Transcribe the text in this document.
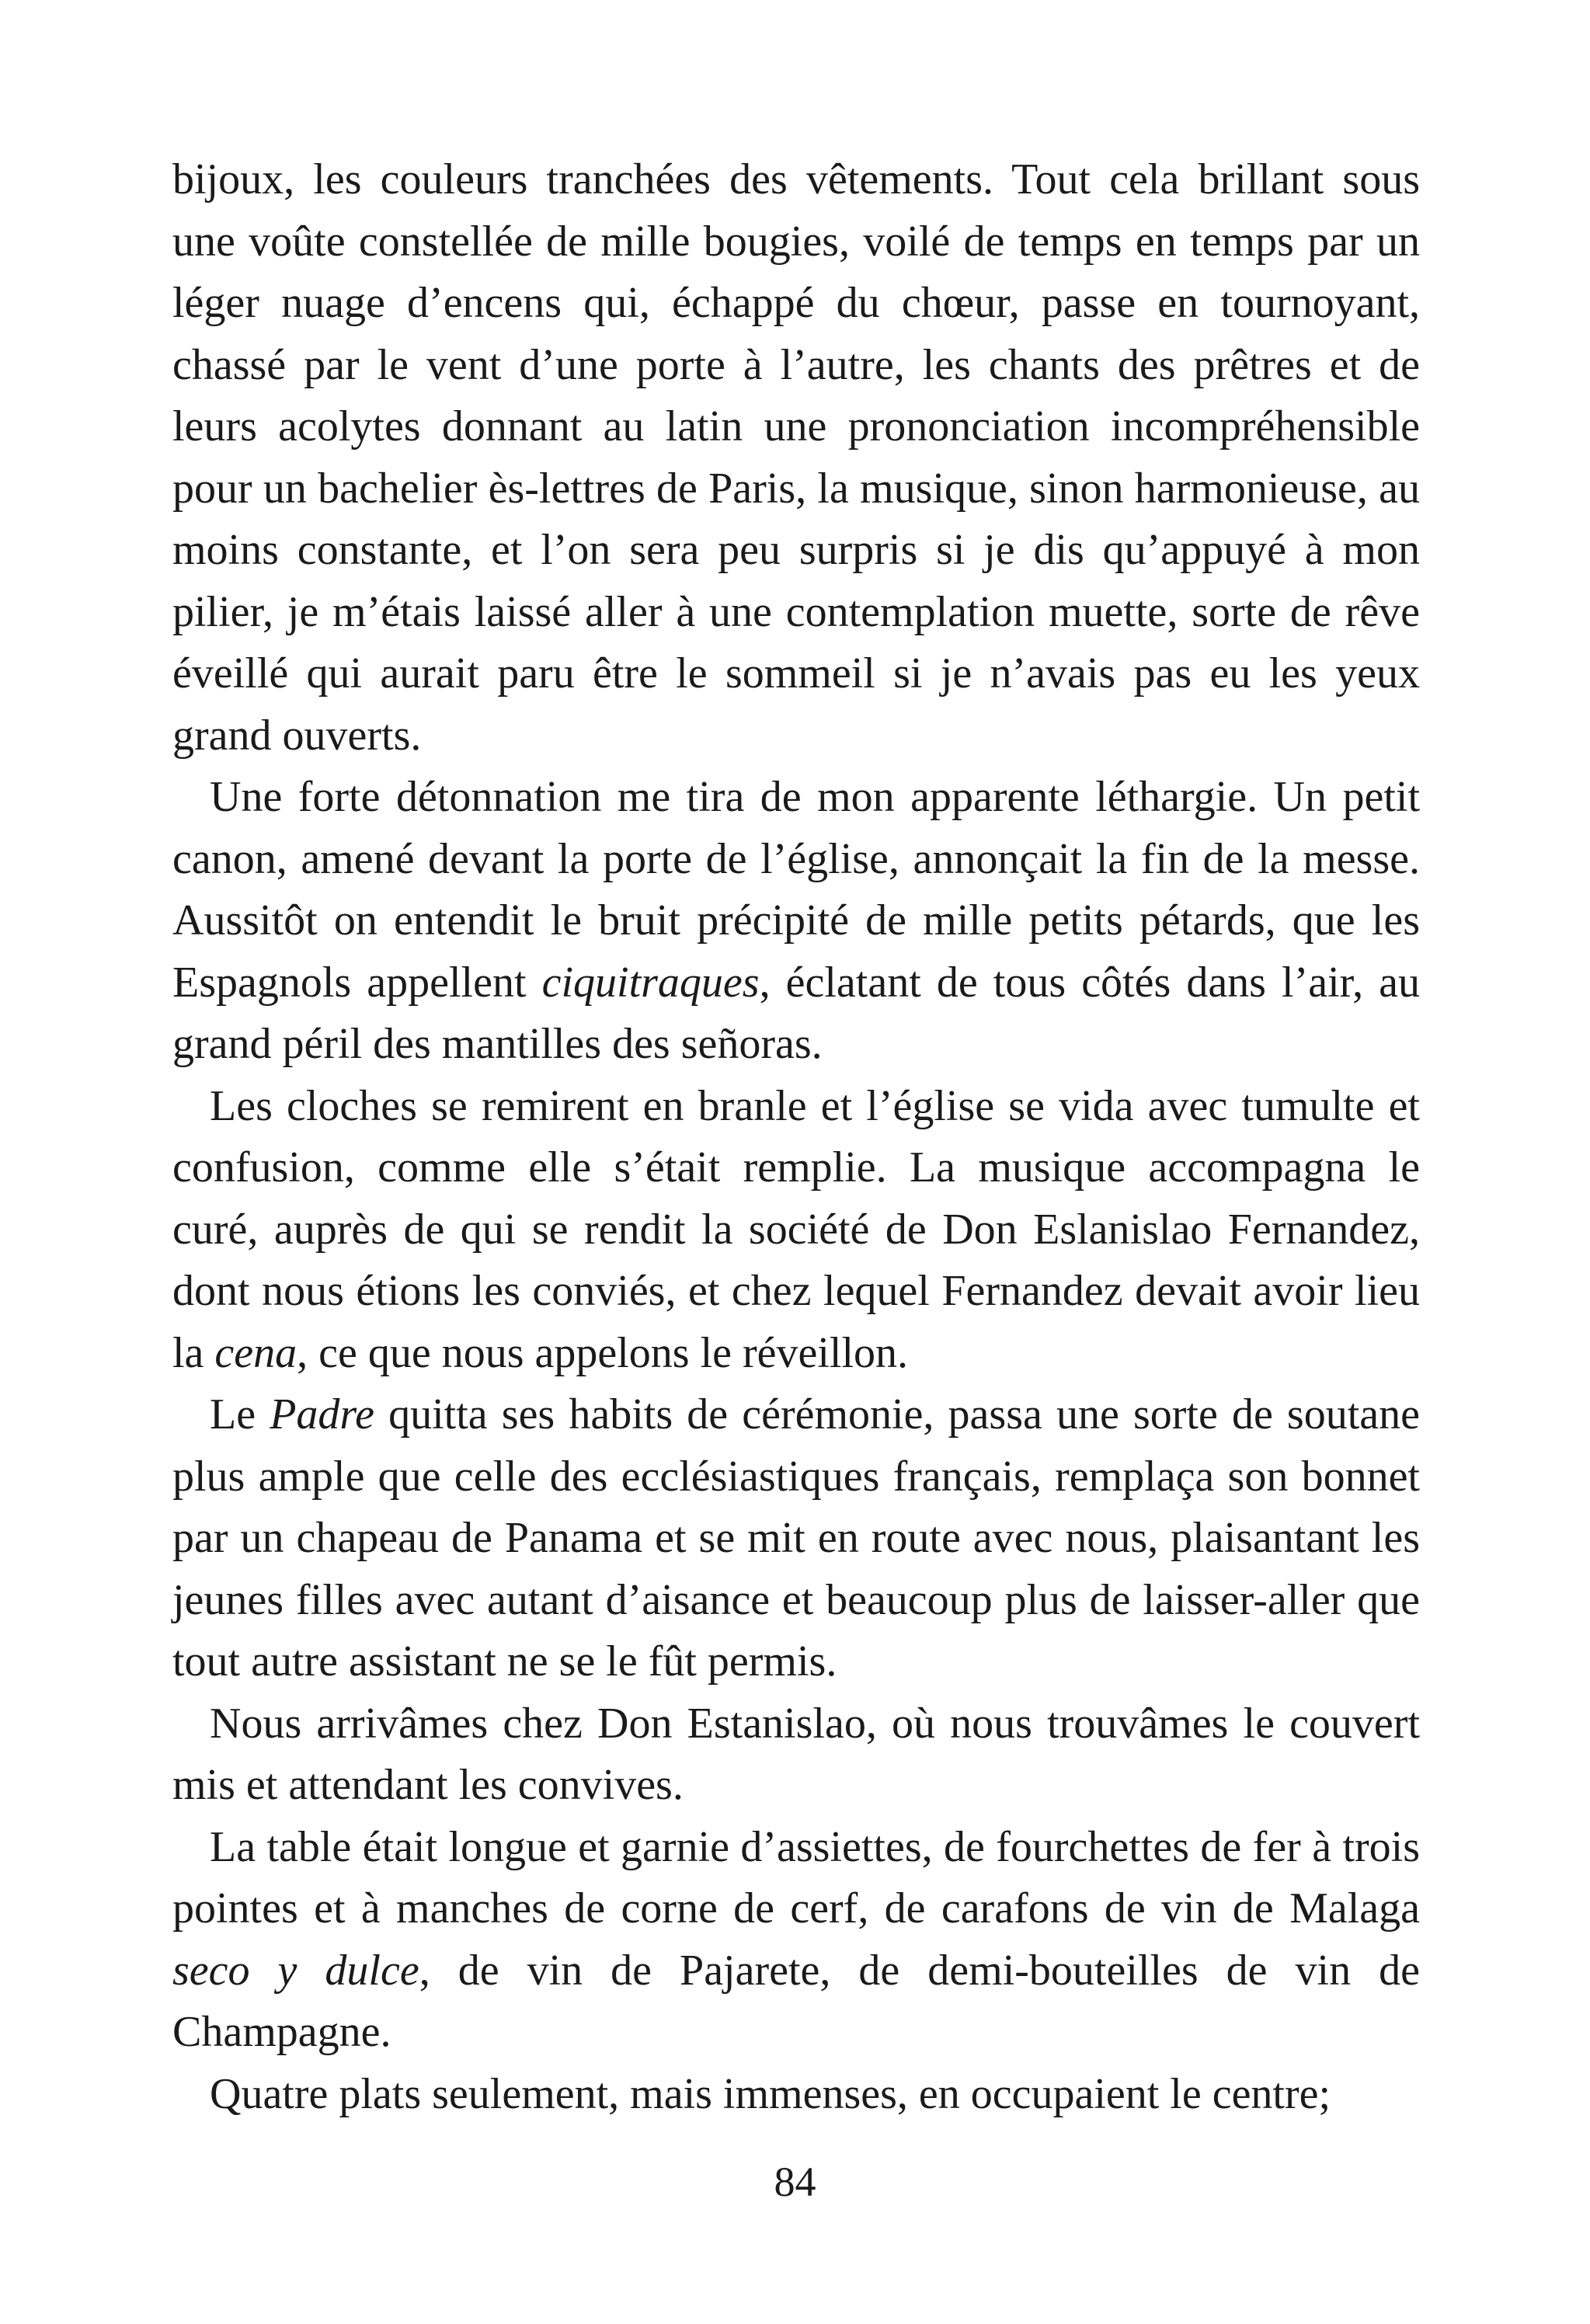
bijoux, les couleurs tranchées des vêtements. Tout cela brillant sous une voûte constellée de mille bougies, voilé de temps en temps par un léger nuage d’encens qui, échappé du chœur, passe en tournoyant, chassé par le vent d’une porte à l’autre, les chants des prêtres et de leurs acolytes donnant au latin une prononciation incompréhensible pour un bachelier ès-lettres de Paris, la musique, sinon harmonieuse, au moins constante, et l’on sera peu surpris si je dis qu’appuyé à mon pilier, je m’étais laissé aller à une contemplation muette, sorte de rêve éveillé qui aurait paru être le sommeil si je n’avais pas eu les yeux grand ouverts.

Une forte détonnation me tira de mon apparente léthargie. Un petit canon, amené devant la porte de l’église, annonçait la fin de la messe. Aussitôt on entendit le bruit précipité de mille petits pétards, que les Espagnols appellent ciquitraques, éclatant de tous côtés dans l’air, au grand péril des mantilles des señoras.

Les cloches se remirent en branle et l’église se vida avec tumulte et confusion, comme elle s’était remplie. La musique accompagna le curé, auprès de qui se rendit la société de Don Eslanislao Fernandez, dont nous étions les conviés, et chez lequel Fernandez devait avoir lieu la cena, ce que nous appelons le réveillon.

Le Padre quitta ses habits de cérémonie, passa une sorte de soutane plus ample que celle des ecclésiastiques français, remplaça son bonnet par un chapeau de Panama et se mit en route avec nous, plaisantant les jeunes filles avec autant d’aisance et beaucoup plus de laisser-aller que tout autre assistant ne se le fût permis.

Nous arrivâmes chez Don Estanislao, où nous trouvâmes le couvert mis et attendant les convives.

La table était longue et garnie d’assiettes, de fourchettes de fer à trois pointes et à manches de corne de cerf, de carafons de vin de Malaga seco y dulce, de vin de Pajarete, de demi-bouteilles de vin de Champagne.

Quatre plats seulement, mais immenses, en occupaient le centre;

84
